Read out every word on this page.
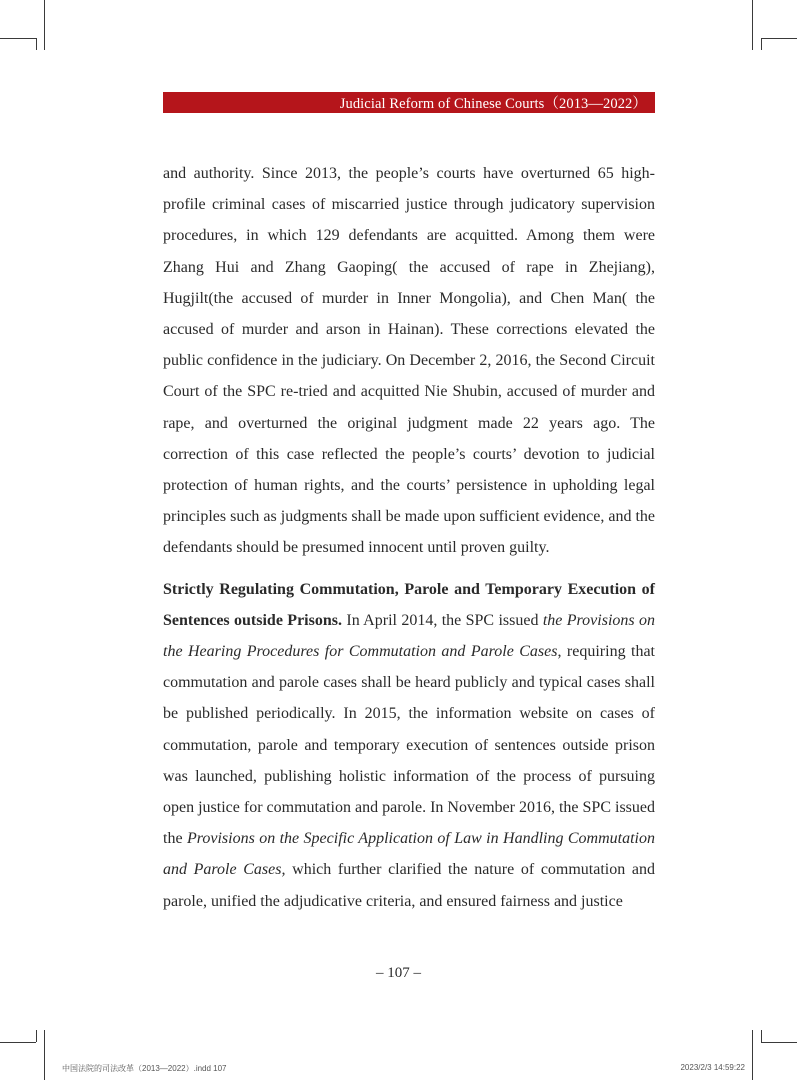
Judicial Reform of Chinese Courts（2013—2022）

and authority. Since 2013, the people’s courts have overturned 65 high-profile criminal cases of miscarried justice through judicatory supervision procedures, in which 129 defendants are acquitted. Among them were Zhang Hui and Zhang Gaoping( the accused of rape in Zhejiang), Hugjilt(the accused of murder in Inner Mongolia), and Chen Man( the accused of murder and arson in Hainan). These corrections elevated the public confidence in the judiciary. On December 2, 2016, the Second Circuit Court of the SPC re-tried and acquitted Nie Shubin, accused of murder and rape, and overturned the original judgment made 22 years ago. The correction of this case reflected the people’s courts’ devotion to judicial protection of human rights, and the courts’ persistence in upholding legal principles such as judgments shall be made upon sufficient evidence, and the defendants should be presumed innocent until proven guilty.

Strictly Regulating Commutation, Parole and Temporary Execution of Sentences outside Prisons. In April 2014, the SPC issued the Provisions on the Hearing Procedures for Commutation and Parole Cases, requiring that commutation and parole cases shall be heard publicly and typical cases shall be published periodically. In 2015, the information website on cases of commutation, parole and temporary execution of sentences outside prison was launched, publishing holistic information of the process of pursuing open justice for commutation and parole. In November 2016, the SPC issued the Provisions on the Specific Application of Law in Handling Commutation and Parole Cases, which further clarified the nature of commutation and parole, unified the adjudicative criteria, and ensured fairness and justice

– 107 –
中国法院的司法改革（2013—2022）.indd 107	2023/2/3 14:59:22
